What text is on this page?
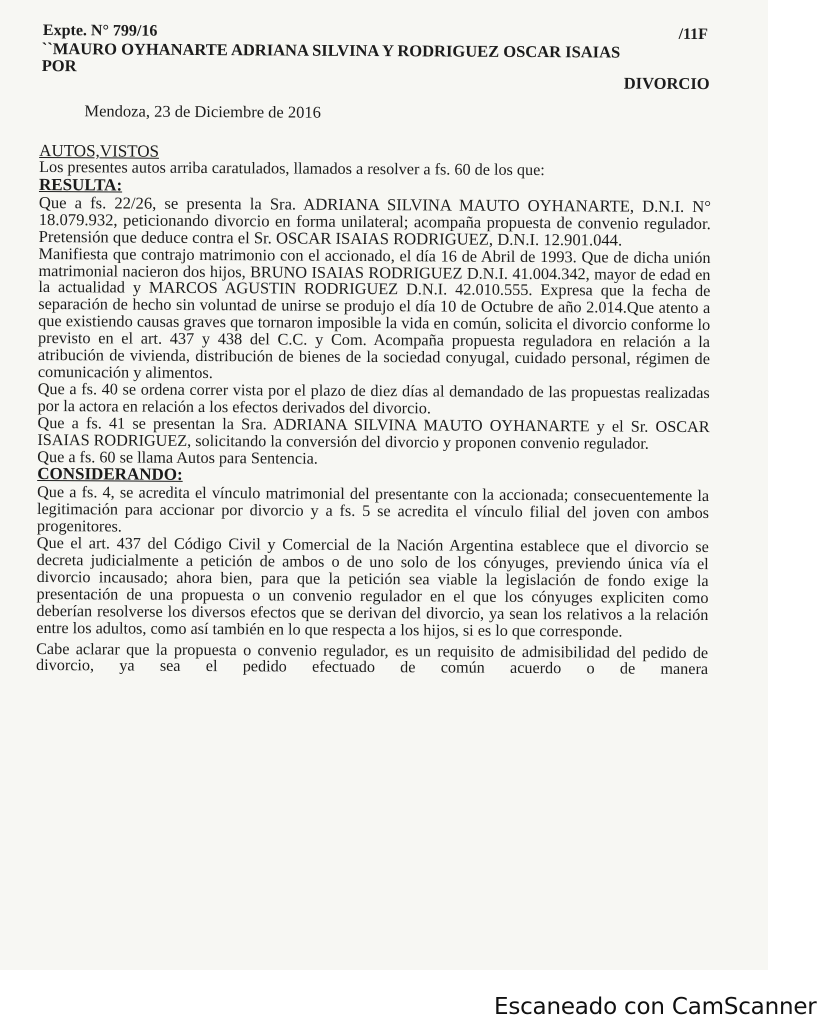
Expte. N° 799/16	/11F
``MAURO OYHANARTE ADRIANA SILVINA Y RODRIGUEZ OSCAR ISAIAS
POR
DIVORCIO
Mendoza, 23 de Diciembre de 2016
AUTOS,VISTOS

Los presentes autos arriba caratulados, llamados a resolver a fs. 60 de los que:

RESULTA:

Que a fs. 22/26, se presenta la Sra. ADRIANA SILVINA MAUTO OYHANARTE, D.N.I. N° 18.079.932, peticionando divorcio en forma unilateral; acompaña propuesta de convenio regulador. Pretensión que deduce contra el Sr. OSCAR ISAIAS RODRIGUEZ, D.N.I. 12.901.044.

Manifiesta que contrajo matrimonio con el accionado, el día 16 de Abril de 1993. Que de dicha unión matrimonial nacieron dos hijos, BRUNO ISAIAS RODRIGUEZ D.N.I. 41.004.342, mayor de edad en la actualidad y MARCOS AGUSTIN RODRIGUEZ D.N.I. 42.010.555. Expresa que la fecha de separación de hecho sin voluntad de unirse se produjo el día 10 de Octubre de año 2.014.Que atento a que existiendo causas graves que tornaron imposible la vida en común, solicita el divorcio conforme lo previsto en el art. 437 y 438 del C.C. y Com. Acompaña propuesta reguladora en relación a la atribución de vivienda, distribución de bienes de la sociedad conyugal, cuidado personal, régimen de comunicación y alimentos.

Que a fs. 40 se ordena correr vista por el plazo de diez días al demandado de las propuestas realizadas por la actora en relación a los efectos derivados del divorcio.

Que a fs. 41 se presentan la Sra. ADRIANA SILVINA MAUTO OYHANARTE y el Sr. OSCAR ISAIAS RODRIGUEZ, solicitando la conversión del divorcio y proponen convenio regulador.

Que a fs. 60 se llama Autos para Sentencia.

CONSIDERANDO:

Que a fs. 4, se acredita el vínculo matrimonial del presentante con la accionada; consecuentemente la legitimación para accionar por divorcio y a fs. 5 se acredita el vínculo filial del joven con ambos progenitores.

Que el art. 437 del Código Civil y Comercial de la Nación Argentina establece que el divorcio se decreta judicialmente a petición de ambos o de uno solo de los cónyuges, previendo única vía el divorcio incausado; ahora bien, para que la petición sea viable la legislación de fondo exige la presentación de una propuesta o un convenio regulador en el que los cónyuges expliciten como deberían resolverse los diversos efectos que se derivan del divorcio, ya sean los relativos a la relación entre los adultos, como así también en lo que respecta a los hijos, si es lo que corresponde.

Cabe aclarar que la propuesta o convenio regulador, es un requisito de admisibilidad del pedido de divorcio, ya sea el pedido efectuado de común acuerdo o de manera

Escaneado con CamScanner
